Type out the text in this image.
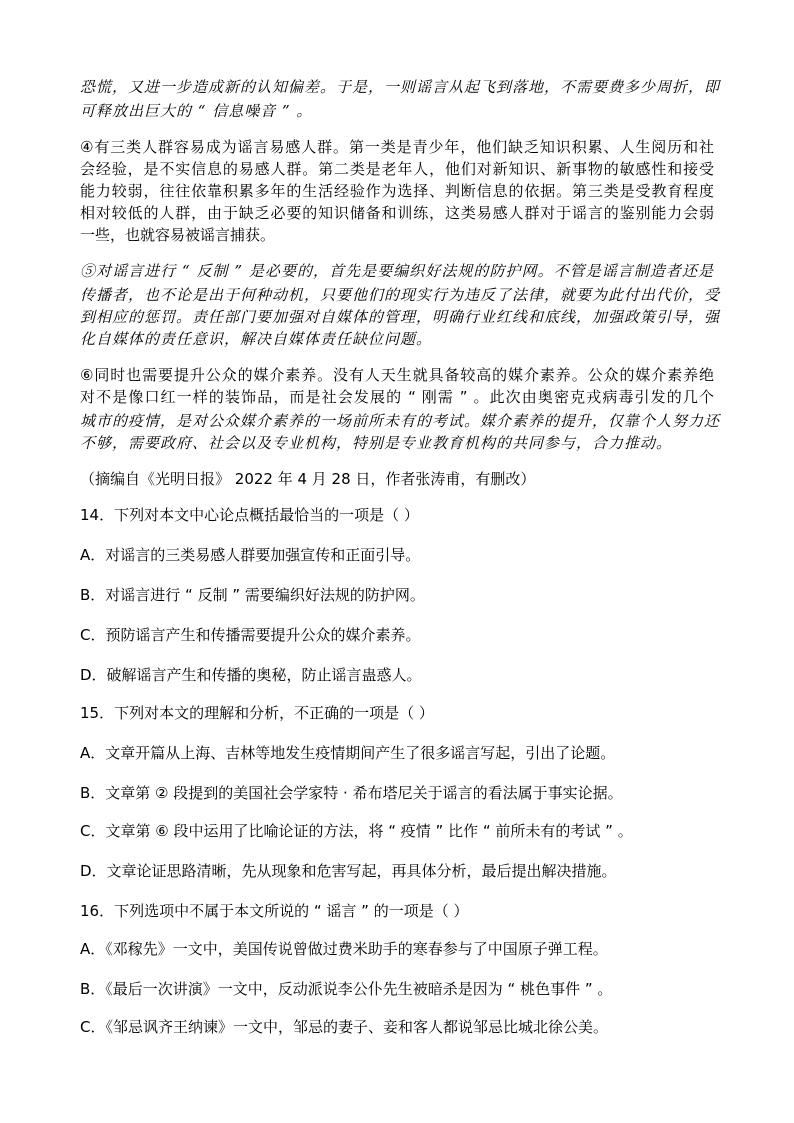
恐慌，又进一步造成新的认知偏差。于是，一则谣言从起飞到落地，不需要费多少周折，即
可释放出巨大的 “ 信息噪音 ” 。
④有三类人群容易成为谣言易感人群。第一类是青少年，他们缺乏知识积累、人生阅历和社
会经验，是不实信息的易感人群。第二类是老年人，他们对新知识、新事物的敏感性和接受
能力较弱，往往依靠积累多年的生活经验作为选择、判断信息的依据。第三类是受教育程度
相对较低的人群，由于缺乏必要的知识储备和训练，这类易感人群对于谣言的鉴别能力会弱
一些，也就容易被谣言捕获。
⑤对谣言进行 “ 反制 ” 是必要的，首先是要编织好法规的防护网。不管是谣言制造者还是
传播者，也不论是出于何种动机，只要他们的现实行为违反了法律，就要为此付出代价，受
到相应的惩罚。责任部门要加强对自媒体的管理，明确行业红线和底线，加强政策引导，强
化自媒体的责任意识，解决自媒体责任缺位问题。
⑥同时也需要提升公众的媒介素养。没有人天生就具备较高的媒介素养。公众的媒介素养绝
对不是像口红一样的装饰品，而是社会发展的 “ 刚需 ” 。此次由奥密克戎病毒引发的几个
城市的疫情，是对公众媒介素养的一场前所未有的考试。媒介素养的提升，仅靠个人努力还
不够，需要政府、社会以及专业机构，特别是专业教育机构的共同参与，合力推动。
（摘编自《光明日报》 2022 年 4 月 28 日，作者张涛甫，有删改）
14．下列对本文中心论点概括最恰当的一项是（ ）
A．对谣言的三类易感人群要加强宣传和正面引导。
B．对谣言进行 “ 反制 ” 需要编织好法规的防护网。
C．预防谣言产生和传播需要提升公众的媒介素养。
D．破解谣言产生和传播的奥秘，防止谣言蛊惑人。
15．下列对本文的理解和分析，不正确的一项是（ ）
A．文章开篇从上海、吉林等地发生疫情期间产生了很多谣言写起，引出了论题。
B．文章第 ② 段提到的美国社会学家特 · 希布塔尼关于谣言的看法属于事实论据。
C．文章第 ⑥ 段中运用了比喻论证的方法，将 “ 疫情 ” 比作 “ 前所未有的考试 ” 。
D．文章论证思路清晰，先从现象和危害写起，再具体分析，最后提出解决措施。
16．下列选项中不属于本文所说的 “ 谣言 ” 的一项是（ ）
A．《邓稼先》一文中，美国传说曾做过费米助手的寒春参与了中国原子弹工程。
B．《最后一次讲演》一文中，反动派说李公仆先生被暗杀是因为 “ 桃色事件 ” 。
C．《邹忌讽齐王纳谏》一文中，邹忌的妻子、妾和客人都说邹忌比城北徐公美。
